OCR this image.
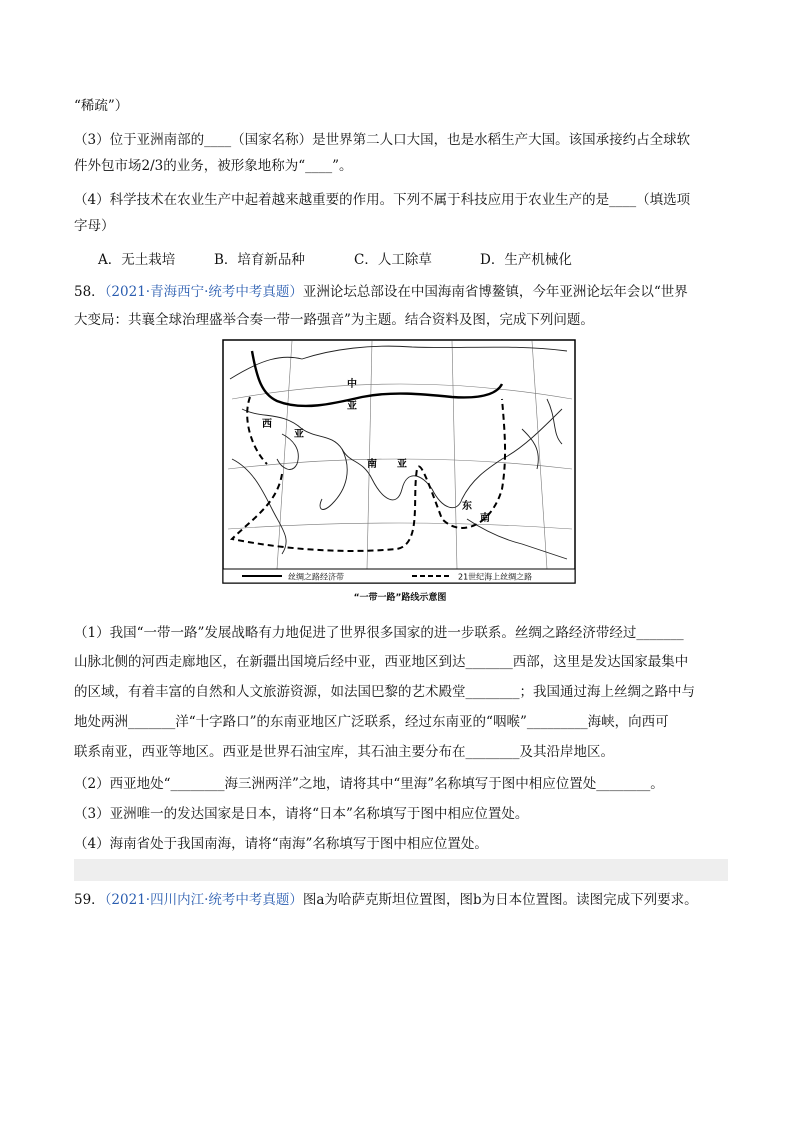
“稀疏”）
（3）位于亚洲南部的____（国家名称）是世界第二人口大国，也是水稻生产大国。该国承接约占全球软
件外包市场2/3的业务，被形象地称为“____”。
（4）科学技术在农业生产中起着越来越重要的作用。下列不属于科技应用于农业生产的是____（填选项
字母）
A．无土栽培	B．培育新品种	C．人工除草	D．生产机械化
58．（2021·青海西宁·统考中考真题）亚洲论坛总部设在中国海南省博鳌镇，今年亚洲论坛年会以“世界
大变局：共襄全球治理盛举合奏一带一路强音”为主题。结合资料及图，完成下列问题。
中
亚
西
亚
南 亚
东
南
丝绸之路经济带	21世纪海上丝绸之路
“一带一路”路线示意图
（1）我国“一带一路”发展战略有力地促进了世界很多国家的进一步联系。丝绸之路经济带经过_______
山脉北侧的河西走廊地区，在新疆出国境后经中亚，西亚地区到达_______西部，这里是发达国家最集中
的区域，有着丰富的自然和人文旅游资源，如法国巴黎的艺术殿堂________；我国通过海上丝绸之路中与
地处两洲_______洋“十字路口”的东南亚地区广泛联系，经过东南亚的“咽喉”_________海峡，向西可
联系南亚，西亚等地区。西亚是世界石油宝库，其石油主要分布在________及其沿岸地区。
（2）西亚地处“________海三洲两洋”之地，请将其中“里海”名称填写于图中相应位置处________。
（3）亚洲唯一的发达国家是日本，请将“日本”名称填写于图中相应位置处。
（4）海南省处于我国南海，请将“南海”名称填写于图中相应位置处。
59．（2021·四川内江·统考中考真题）图a为哈萨克斯坦位置图，图b为日本位置图。读图完成下列要求。
